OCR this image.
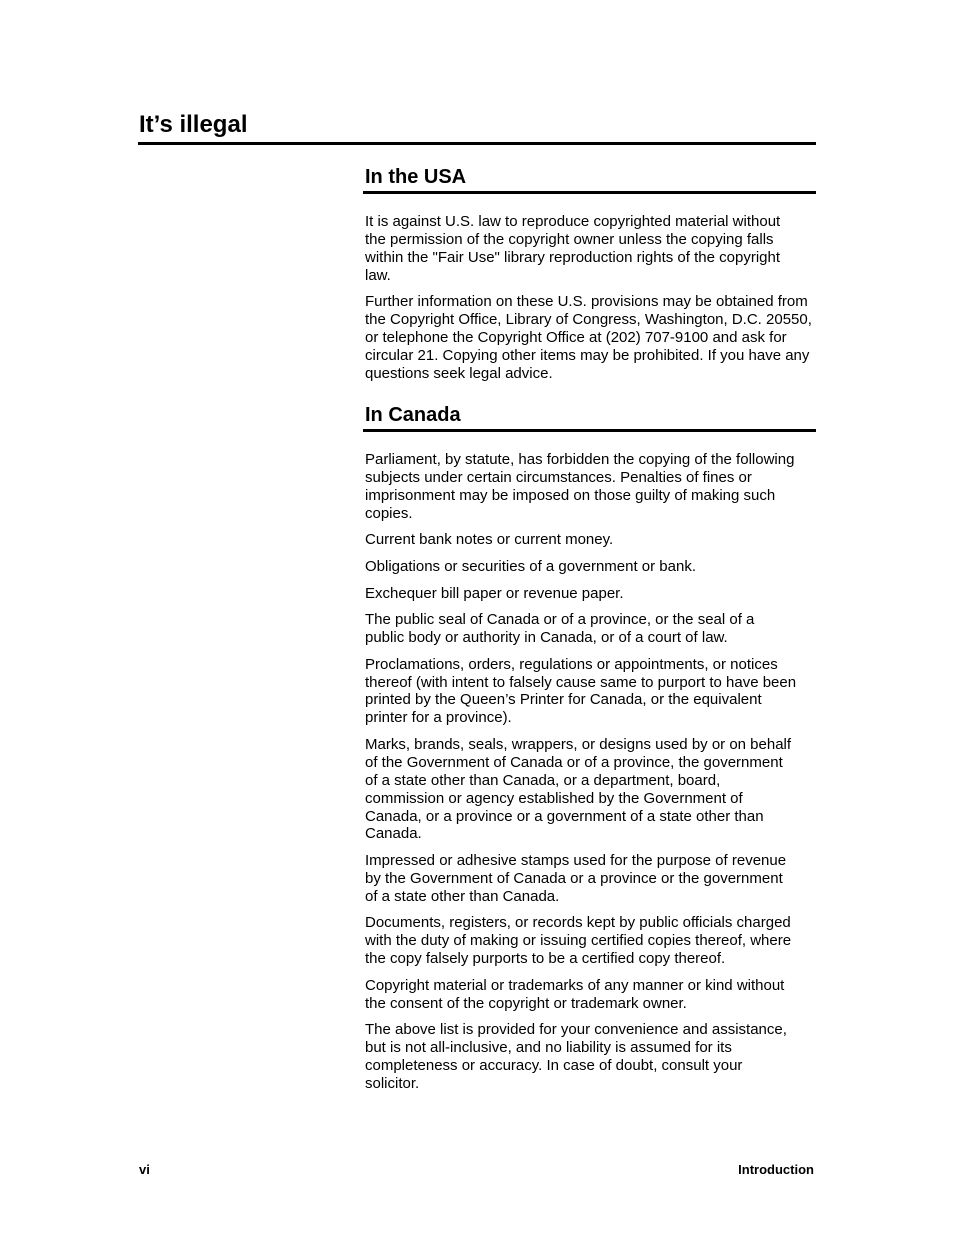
It’s illegal
In the USA

It is against U.S. law to reproduce copyrighted material without
the permission of the copyright owner unless the copying falls
within the "Fair Use" library reproduction rights of the copyright
law.

Further information on these U.S. provisions may be obtained from
the Copyright Office, Library of Congress, Washington, D.C. 20550,
or telephone the Copyright Office at (202) 707-9100 and ask for
circular 21. Copying other items may be prohibited. If you have any
questions seek legal advice.

In Canada

Parliament, by statute, has forbidden the copying of the following
subjects under certain circumstances. Penalties of fines or
imprisonment may be imposed on those guilty of making such
copies.

Current bank notes or current money.

Obligations or securities of a government or bank.

Exchequer bill paper or revenue paper.

The public seal of Canada or of a province, or the seal of a
public body or authority in Canada, or of a court of law.

Proclamations, orders, regulations or appointments, or notices
thereof (with intent to falsely cause same to purport to have been
printed by the Queen’s Printer for Canada, or the equivalent
printer for a province).

Marks, brands, seals, wrappers, or designs used by or on behalf
of the Government of Canada or of a province, the government
of a state other than Canada, or a department, board,
commission or agency established by the Government of
Canada, or a province or a government of a state other than
Canada.

Impressed or adhesive stamps used for the purpose of revenue
by the Government of Canada or a province or the government
of a state other than Canada.

Documents, registers, or records kept by public officials charged
with the duty of making or issuing certified copies thereof, where
the copy falsely purports to be a certified copy thereof.

Copyright material or trademarks of any manner or kind without
the consent of the copyright or trademark owner.

The above list is provided for your convenience and assistance,
but is not all-inclusive, and no liability is assumed for its
completeness or accuracy. In case of doubt, consult your
solicitor.

vi	Introduction
